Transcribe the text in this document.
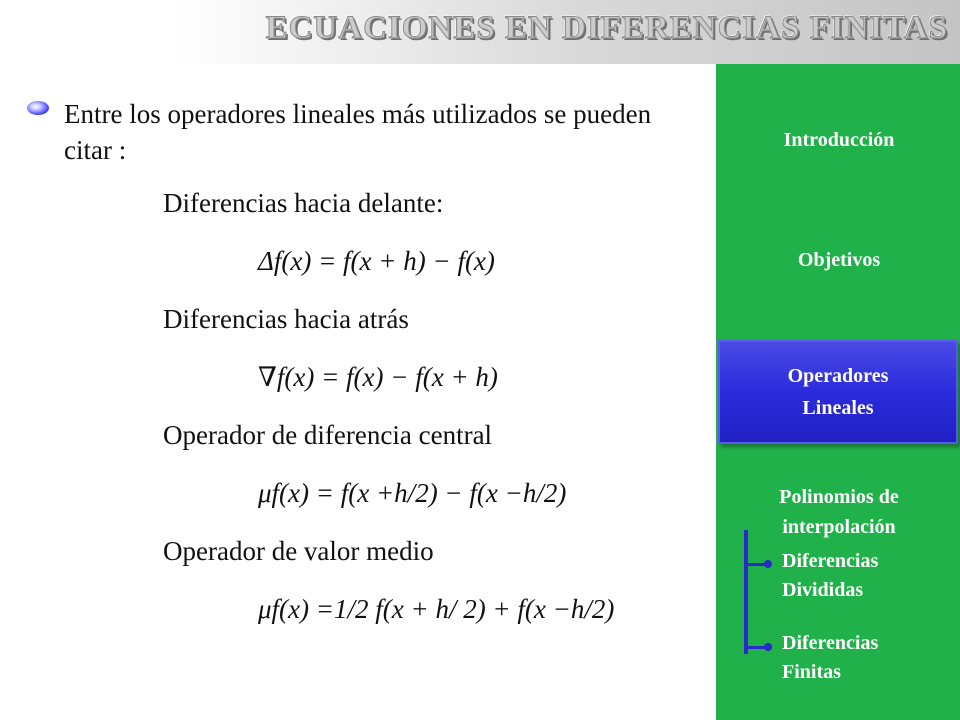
ECUACIONES EN DIFERENCIAS FINITAS
Entre los operadores lineales más utilizados se pueden citar :
Diferencias hacia delante:
Δf(x) = f(x + h) − f(x)
Diferencias hacia atrás
∇f(x) = f(x) − f(x + h)
Operador de diferencia central
μf(x) = f(x +h/2) − f(x −h/2)
Operador de valor medio
μf(x) =1/2 f(x + h/ 2) + f(x −h/2)
Introducción
Objetivos
Operadores
Lineales
Polinomios de
interpolación
Diferencias
Divididas
Diferencias
Finitas
